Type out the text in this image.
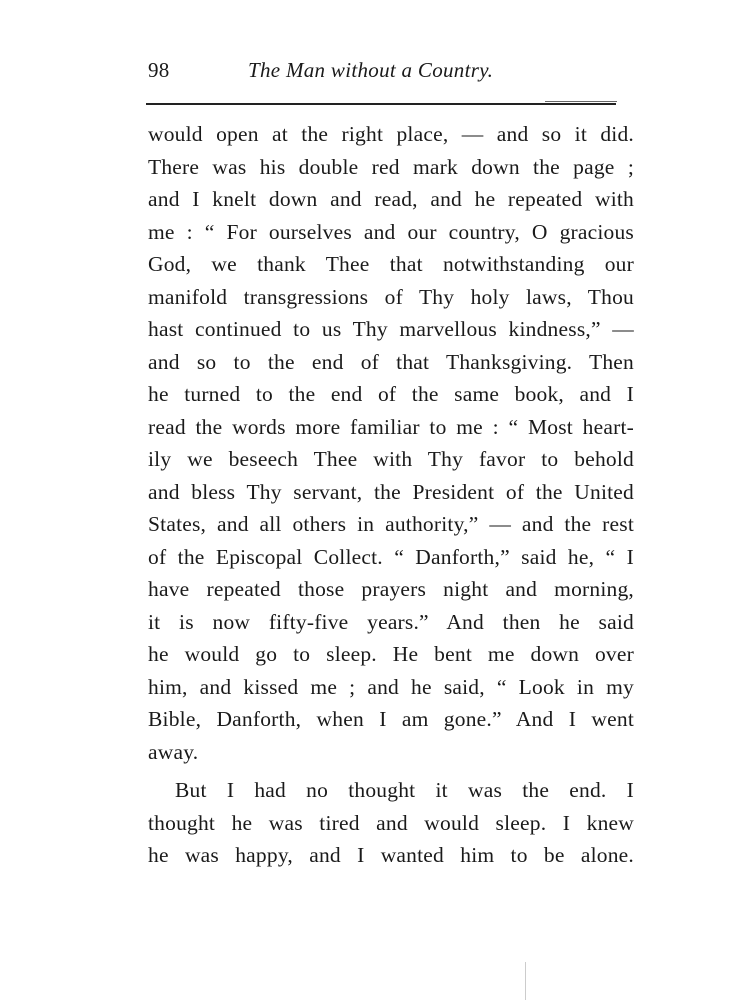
98	The Man without a Country.
would open at the right place, — and so it did.
There was his double red mark down the page ;
and I knelt down and read, and he repeated with
me : “ For ourselves and our country, O gracious
God, we thank Thee that notwithstanding our
manifold transgressions of Thy holy laws, Thou
hast continued to us Thy marvellous kindness,” —
and so to the end of that Thanksgiving. Then
he turned to the end of the same book, and I
read the words more familiar to me : “ Most heart-
ily we beseech Thee with Thy favor to behold
and bless Thy servant, the President of the United
States, and all others in authority,” — and the rest
of the Episcopal Collect. “ Danforth,” said he, “ I
have repeated those prayers night and morning,
it is now fifty-five years.” And then he said
he would go to sleep. He bent me down over
him, and kissed me ; and he said, “ Look in my
Bible, Danforth, when I am gone.” And I went
away.
But I had no thought it was the end. I
thought he was tired and would sleep. I knew
he was happy, and I wanted him to be alone.
